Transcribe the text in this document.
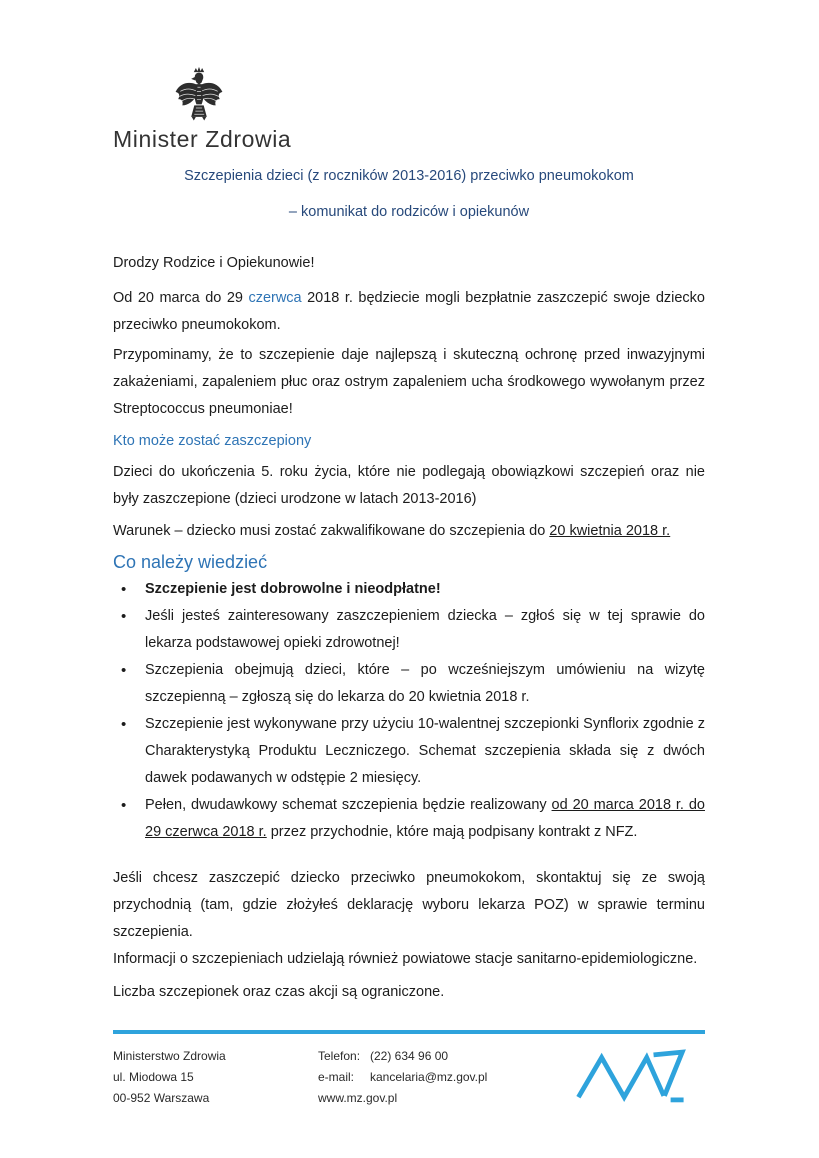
Minister Zdrowia
Szczepienia dzieci (z roczników 2013-2016) przeciwko pneumokokom
– komunikat do rodziców i opiekunów

Drodzy Rodzice i Opiekunowie!

Od 20 marca do 29 czerwca 2018 r. będziecie mogli bezpłatnie zaszczepić swoje dziecko przeciwko pneumokokom.

Przypominamy, że to szczepienie daje najlepszą i skuteczną ochronę przed inwazyjnymi zakażeniami, zapaleniem płuc oraz ostrym zapaleniem ucha środkowego wywołanym przez Streptococcus pneumoniae!

Kto może zostać zaszczepiony

Dzieci do ukończenia 5. roku życia, które nie podlegają obowiązkowi szczepień oraz nie były zaszczepione (dzieci urodzone w latach 2013-2016)

Warunek – dziecko musi zostać zakwalifikowane do szczepienia do 20 kwietnia 2018 r.

Co należy wiedzieć
• Szczepienie jest dobrowolne i nieodpłatne!
• Jeśli jesteś zainteresowany zaszczepieniem dziecka – zgłoś się w tej sprawie do lekarza podstawowej opieki zdrowotnej!
• Szczepienia obejmują dzieci, które – po wcześniejszym umówieniu na wizytę szczepienną – zgłoszą się do lekarza do 20 kwietnia 2018 r.
• Szczepienie jest wykonywane przy użyciu 10-walentnej szczepionki Synflorix zgodnie z Charakterystyką Produktu Leczniczego. Schemat szczepienia składa się z dwóch dawek podawanych w odstępie 2 miesięcy.
• Pełen, dwudawkowy schemat szczepienia będzie realizowany od 20 marca 2018 r. do 29 czerwca 2018 r. przez przychodnie, które mają podpisany kontrakt z NFZ.

Jeśli chcesz zaszczepić dziecko przeciwko pneumokokom, skontaktuj się ze swoją przychodnią (tam, gdzie złożyłeś deklarację wyboru lekarza POZ) w sprawie terminu szczepienia.

Informacji o szczepieniach udzielają również powiatowe stacje sanitarno-epidemiologiczne.

Liczba szczepionek oraz czas akcji są ograniczone.

Ministerstwo Zdrowia
ul. Miodowa 15
00-952 Warszawa
Telefon: (22) 634 96 00
e-mail:	kancelaria@mz.gov.pl
www.mz.gov.pl
